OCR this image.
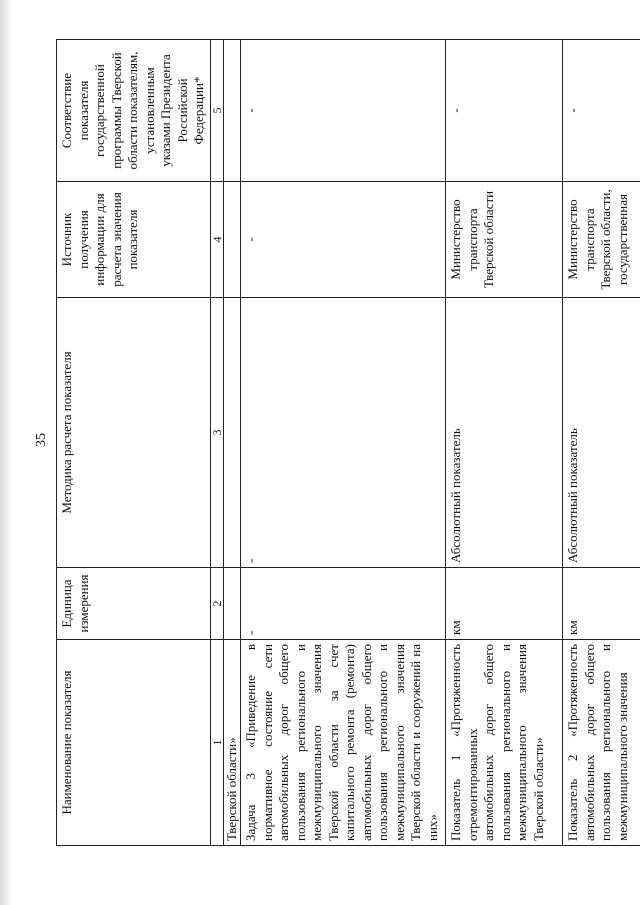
35
Наименование показателя	Единица измерения	Методика расчета показателя	Источник получения информации для расчета значения показателя	Соответствие показателя государственной программы Тверской области показателям, установленным указами Президента Российской Федерации*
1	2	3	4	5
Тверской области»				
Задача 3 «Приведение в нормативное состояние сети автомобильных дорог общего пользования регионального и межмуниципального значения Тверской области за счет капитального ремонта (ремонта) автомобильных дорог общего пользования регионального и межмуниципального значения Тверской области и сооружений на них»	-	-	-	-
Показатель 1 «Протяженность отремонтированных автомобильных дорог общего пользования регионального и межмуниципального значения Тверской области»	км	Абсолютный показатель	Министерство транспорта Тверской области	-
Показатель 2 «Протяженность автомобильных дорог общего пользования регионального и межмуниципального значения	км	Абсолютный показатель	Министерство транспорта Тверской области, государственная	-
